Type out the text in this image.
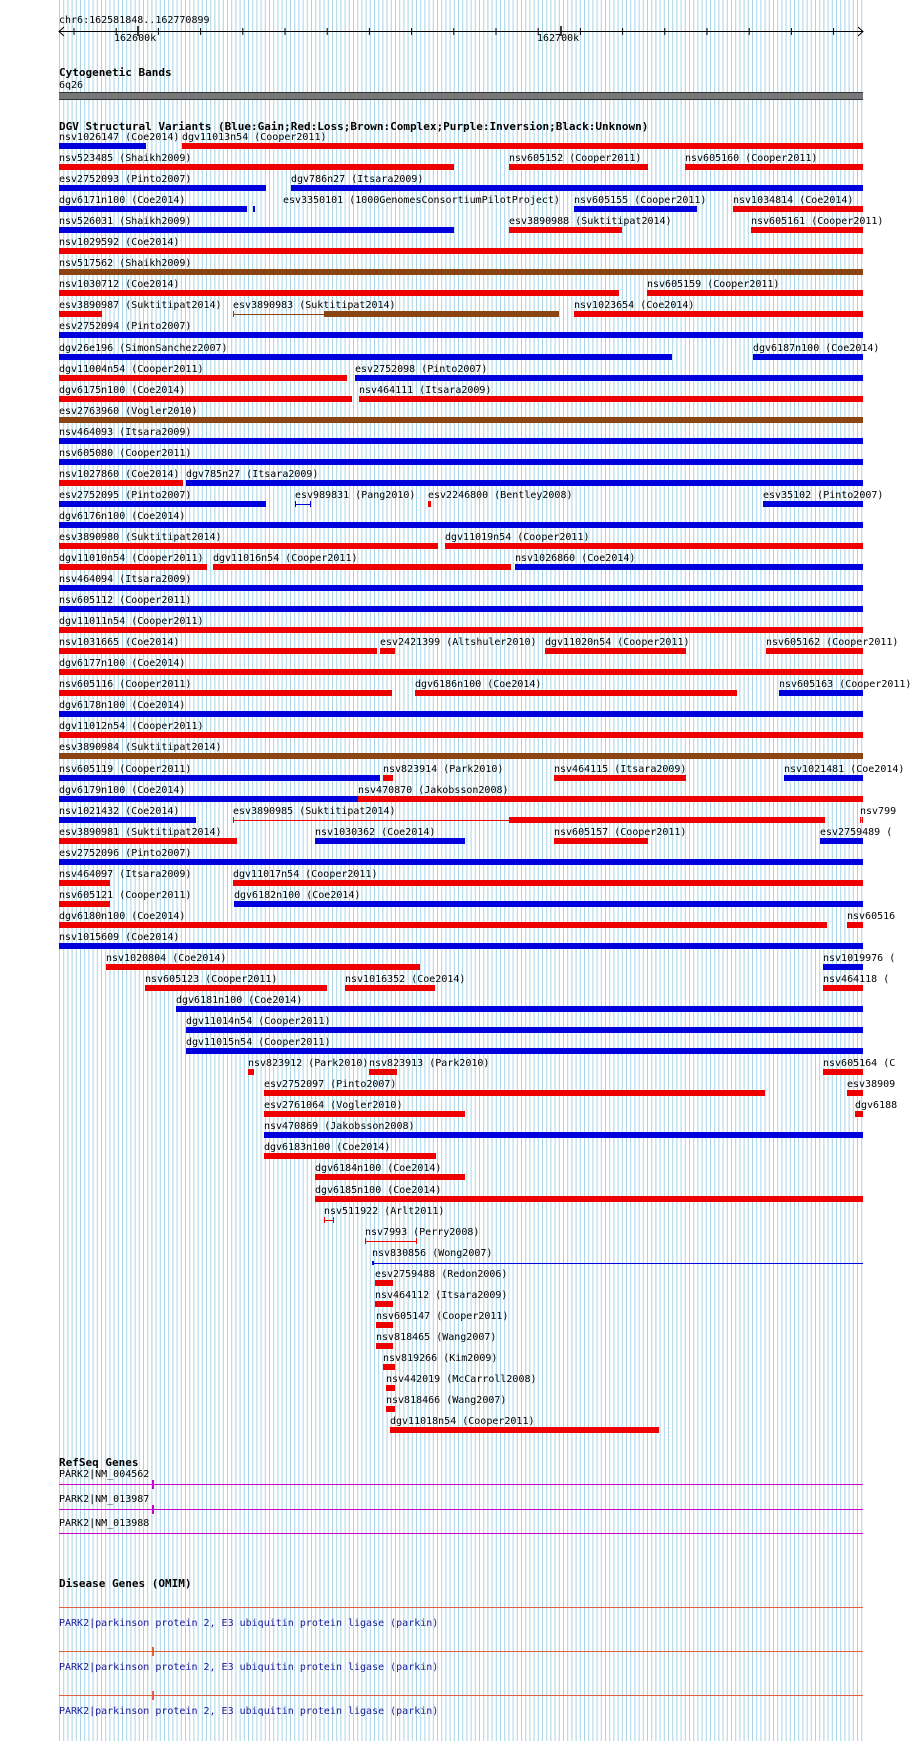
chr6:162581848..162770899
162600k	162700k
Cytogenetic Bands
6q26
DGV Structural Variants (Blue:Gain;Red:Loss;Brown:Complex;Purple:Inversion;Black:Unknown)
nsv1026147 (Coe2014) dgv11013n54 (Cooper2011)
nsv523485 (Shaikh2009)	nsv605152 (Cooper2011)	nsv605160 (Cooper2011)
esv2752093 (Pinto2007)	dgv786n27 (Itsara2009)
dgv6171n100 (Coe2014)	esv3350101 (1000GenomesConsortiumPilotProject) nsv605155 (Cooper2011)	nsv1034814 (Coe2014)
nsv526031 (Shaikh2009)	esv3890988 (Suktitipat2014)	nsv605161 (Cooper2011)
nsv1029592 (Coe2014)
nsv517562 (Shaikh2009)
nsv1030712 (Coe2014)	nsv605159 (Cooper2011)
esv3890987 (Suktitipat2014) esv3890983 (Suktitipat2014)	nsv1023654 (Coe2014)
esv2752094 (Pinto2007)
dgv26e196 (SimonSanchez2007)	dgv6187n100 (Coe2014)
dgv11004n54 (Cooper2011)	esv2752098 (Pinto2007)
dgv6175n100 (Coe2014)	nsv464111 (Itsara2009)
esv2763960 (Vogler2010)
nsv464093 (Itsara2009)
nsv605080 (Cooper2011)
nsv1027860 (Coe2014) dgv785n27 (Itsara2009)
esv2752095 (Pinto2007)	esv989831 (Pang2010) esv2246800 (Bentley2008)	esv35102 (Pinto2007)
dgv6176n100 (Coe2014)
esv3890980 (Suktitipat2014)	dgv11019n54 (Cooper2011)
dgv11010n54 (Cooper2011) dgv11016n54 (Cooper2011)	nsv1026860 (Coe2014)
nsv464094 (Itsara2009)
nsv605112 (Cooper2011)
dgv11011n54 (Cooper2011)
nsv1031665 (Coe2014)	esv2421399 (Altshuler2010) dgv11020n54 (Cooper2011)	nsv605162 (Cooper2011)
dgv6177n100 (Coe2014)
nsv605116 (Cooper2011)	dgv6186n100 (Coe2014)	nsv605163 (Cooper2011)
dgv6178n100 (Coe2014)
dgv11012n54 (Cooper2011)
esv3890984 (Suktitipat2014)
nsv605119 (Cooper2011)	nsv823914 (Park2010)	nsv464115 (Itsara2009)	nsv1021481 (Coe2014)
dgv6179n100 (Coe2014)	nsv470870 (Jakobsson2008)
nsv1021432 (Coe2014)	esv3890985 (Suktitipat2014)	nsv799
esv3890981 (Suktitipat2014)	nsv1030362 (Coe2014)	nsv605157 (Cooper2011)	esv2759489 (
esv2752096 (Pinto2007)
nsv464097 (Itsara2009)	dgv11017n54 (Cooper2011)
nsv605121 (Cooper2011)	dgv6182n100 (Coe2014)
dgv6180n100 (Coe2014)	nsv60516
nsv1015609 (Coe2014)
nsv1020804 (Coe2014)	nsv1019976 (
nsv605123 (Cooper2011)	nsv1016352 (Coe2014)	nsv464118 (
dgv6181n100 (Coe2014)
dgv11014n54 (Cooper2011)
dgv11015n54 (Cooper2011)
nsv823912 (Park2010) nsv823913 (Park2010)	nsv605164 (C
esv2752097 (Pinto2007)	esv38909
esv2761064 (Vogler2010)	dgv6188
nsv470869 (Jakobsson2008)
dgv6183n100 (Coe2014)
dgv6184n100 (Coe2014)
dgv6185n100 (Coe2014)
nsv511922 (Arlt2011)
nsv7993 (Perry2008)
nsv830856 (Wong2007)
esv2759488 (Redon2006)
nsv464112 (Itsara2009)
nsv605147 (Cooper2011)
nsv818465 (Wang2007)
nsv819266 (Kim2009)
nsv442019 (McCarroll2008)
nsv818466 (Wang2007)
dgv11018n54 (Cooper2011)
RefSeq Genes
PARK2|NM_004562
PARK2|NM_013987
PARK2|NM_013988
Disease Genes (OMIM)
PARK2|parkinson protein 2, E3 ubiquitin protein ligase (parkin)
PARK2|parkinson protein 2, E3 ubiquitin protein ligase (parkin)
PARK2|parkinson protein 2, E3 ubiquitin protein ligase (parkin)
